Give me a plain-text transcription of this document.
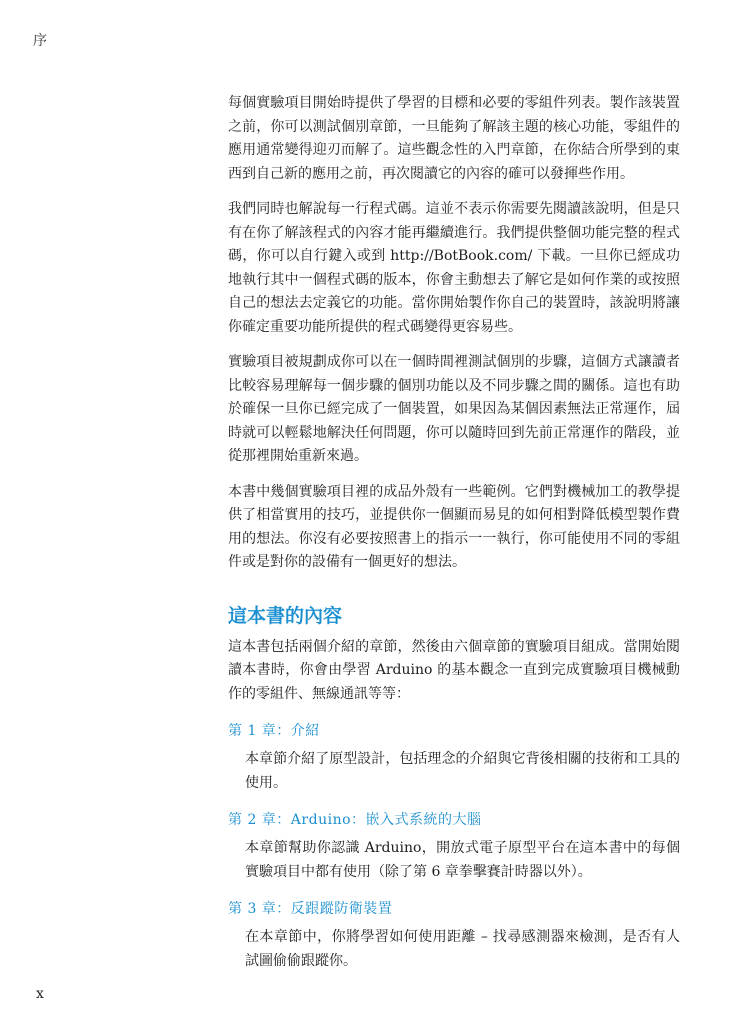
序

每個實驗項目開始時提供了學習的目標和必要的零組件列表。製作該裝置之前，你可以測試個別章節，一旦能夠了解該主題的核心功能，零組件的應用通常變得迎刃而解了。這些觀念性的入門章節，在你結合所學到的東西到自己新的應用之前，再次閱讀它的內容的確可以發揮些作用。

我們同時也解說每一行程式碼。這並不表示你需要先閱讀該說明，但是只有在你了解該程式的內容才能再繼續進行。我們提供整個功能完整的程式碼，你可以自行鍵入或到 http://BotBook.com/ 下載。一旦你已經成功地執行其中一個程式碼的版本，你會主動想去了解它是如何作業的或按照自己的想法去定義它的功能。當你開始製作你自己的裝置時，該說明將讓你確定重要功能所提供的程式碼變得更容易些。

實驗項目被規劃成你可以在一個時間裡測試個別的步驟，這個方式讓讀者比較容易理解每一個步驟的個別功能以及不同步驟之間的關係。這也有助於確保一旦你已經完成了一個裝置，如果因為某個因素無法正常運作，屆時就可以輕鬆地解決任何問題，你可以隨時回到先前正常運作的階段，並從那裡開始重新來過。

本書中幾個實驗項目裡的成品外殼有一些範例。它們對機械加工的教學提供了相當實用的技巧，並提供你一個顯而易見的如何相對降低模型製作費用的想法。你沒有必要按照書上的指示一一執行，你可能使用不同的零組件或是對你的設備有一個更好的想法。

這本書的內容

這本書包括兩個介紹的章節，然後由六個章節的實驗項目組成。當開始閱讀本書時，你會由學習 Arduino 的基本觀念一直到完成實驗項目機械動作的零組件、無線通訊等等：

第 1 章：介紹

本章節介紹了原型設計，包括理念的介紹與它背後相關的技術和工具的使用。

第 2 章：Arduino：嵌入式系統的大腦

本章節幫助你認識 Arduino，開放式電子原型平台在這本書中的每個實驗項目中都有使用（除了第 6 章拳擊賽計時器以外）。

第 3 章：反跟蹤防衛裝置

在本章節中，你將學習如何使用距離 – 找尋感測器來檢測，是否有人試圖偷偷跟蹤你。

x
